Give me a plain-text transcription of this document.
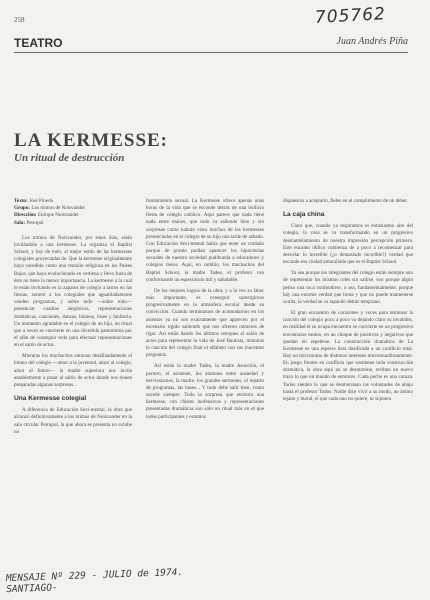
258	705762
TEATRO	Juan Andrés Piña
LA KERMESSE:
Un ritual de destrucción
Texto: José Pineda
Grupo: Los mimos de Noisvander
Dirección: Enrique Noisvander
Sala: Petropol

Los mimos de Noisvander, por estos días, están invitándole a una kermesse. La organiza el Baptist School, y hay de todo, al mejor estilo de las kermesses colegiales proyectadas de. Que la kermesse originalmente haya sucedido como una reunión religiosa en los Países Bajos, que haya evolucionado en verbena y llevo fuera de éste no tiene la menor importancia. La kermesse a la cual le están invitando es la zapatos de colegio a tarros en las fiestas, sonreír a los colegiales que aguardadamente venden programas, y sobre todo —sobre todo— presenciar cuadros alegóricos, representaciones dramáticas, canciones, danzas, himnos, bises y fanfarria. Un momento agradable en el colegio de un hijo, un ritual que a veces se convierte en una divertida pantomima por el afán de conseguir todo para efectuar representaciones en el salón de actos.

Mientras los muchachos entonan desafinadamente el himno del colegio —amor a la juventud, amor al colegio, amor al futuro— la madre superiora nos invita amablemente a pasar al salón de actos donde nos tienen preparadas algunas sorpresas...

Una Kermesse colegial

A diferencia de Educación Sexi-mental, la obra que alcanzó definitivamente a los mimos de Noisvander en la sala circular Petropol, la que ahora se presenta no exhibe un

frontamiento sexual. La Kermesse ofrece apenas unas horas de la vida que se esconde detrás de una bullicio fiesta de colegio católico. Aquí parece que nada tiene nada entre manos, que todo va saliendo bien y sin sorpresas como habrán visto muchos de las kermesses presenciadas en el colegio de su hijo una tarde de sábado. Con Educación Sexi-mental había que tener un cuidado porque de pronto podían aparecer los hipocresías sexuales de nuestra sociedad pudibunda a educadores y colegios tiesos. Aquí, en cambio, los muchachos del Baptist School, la madre Tadea, el profesor van conformando un espectáculo útil y saludable.

De los mejores logros de la obra, y a la vez su labor más importante, es conseguir sumergirnos progresivamente en la atmósfera escolar desde su convicción. Cuando terminamos de acomodarnos en los asientos ya no son exactamente que aparecen por el escenario rígido sabiendo que nos ofrecen números de rigor. Así están dando los últimos retoques al salón de actos para representar la vida de José Bautista, mientras la canción del colegio final el alfabeto con sus inocentes preguntas.

Así están la madre Tadea, la madre Asunción, el portero, el asistente, los alumnos entre ansiedad y nerviosismos, la madre, los grandes sermones, el reparto de programas, las bases... Y todo debe salir bien, como sucede siempre. Todo la sorpresa que encierra una kermesse, con chistes inofensivos y representaciones presentadas dramáticas son sólo un ritual más en el que todos participantes y estamos

dispuestos a aceptarlo, fieles en el cumplimiento de un deber.

La caja china

Claro que, cuando ya respiramos el entusiasmo aire del colegio, la cosa se va transformando en un progresivo desmantelamiento de nuestra impresión percepción primera. Este encanto idílico comienza de a poco a recomenzar para desvelar lo increíble (¿o demasiado increíble?) verdad que esconde esa ciudad amurallada que es el Baptist School.

Ya sea porque los integrantes del colegio están siempre uno de representar los mismos roles sin salirse, son porque algún petiso una toca confundirse, o sea, fundamentalmente, porque hay una enorme verdad que brota y que no puede mantenerse oculta, la verdad se va tapando detrás temprano.

El gran encuentro de corazones y voces para terminar la canción del colegio poco a poco va dejando claro su invalidez, en realidad el su ocupa encuentro se convierte en un progresivo encontrarse mutuo, en un choque de positivos y negativos que quedan en repelerse. La construcción dramática de La Kermesse es una especie lista dosificada a un conflicto total. Hay un microsomo de distintos intereses micromundiosamente. En juego frentes en conflicto que sostienen toda construcción dramática, la obra aquí no se desmorone, reciben un nuevo trazo lo que un mundo de entonces. Cada pecho es una coraza. Todos sienten lo que se desmoronan las voluntades de abajo hasta el profesor Todos. Nadie dice vivir a su modo, un ánimo lejano y moral, el que cada uno no quiere, ni siquiera

MENSAJE Nº 229 - JULIO de 1974.
SANTIAGO-
